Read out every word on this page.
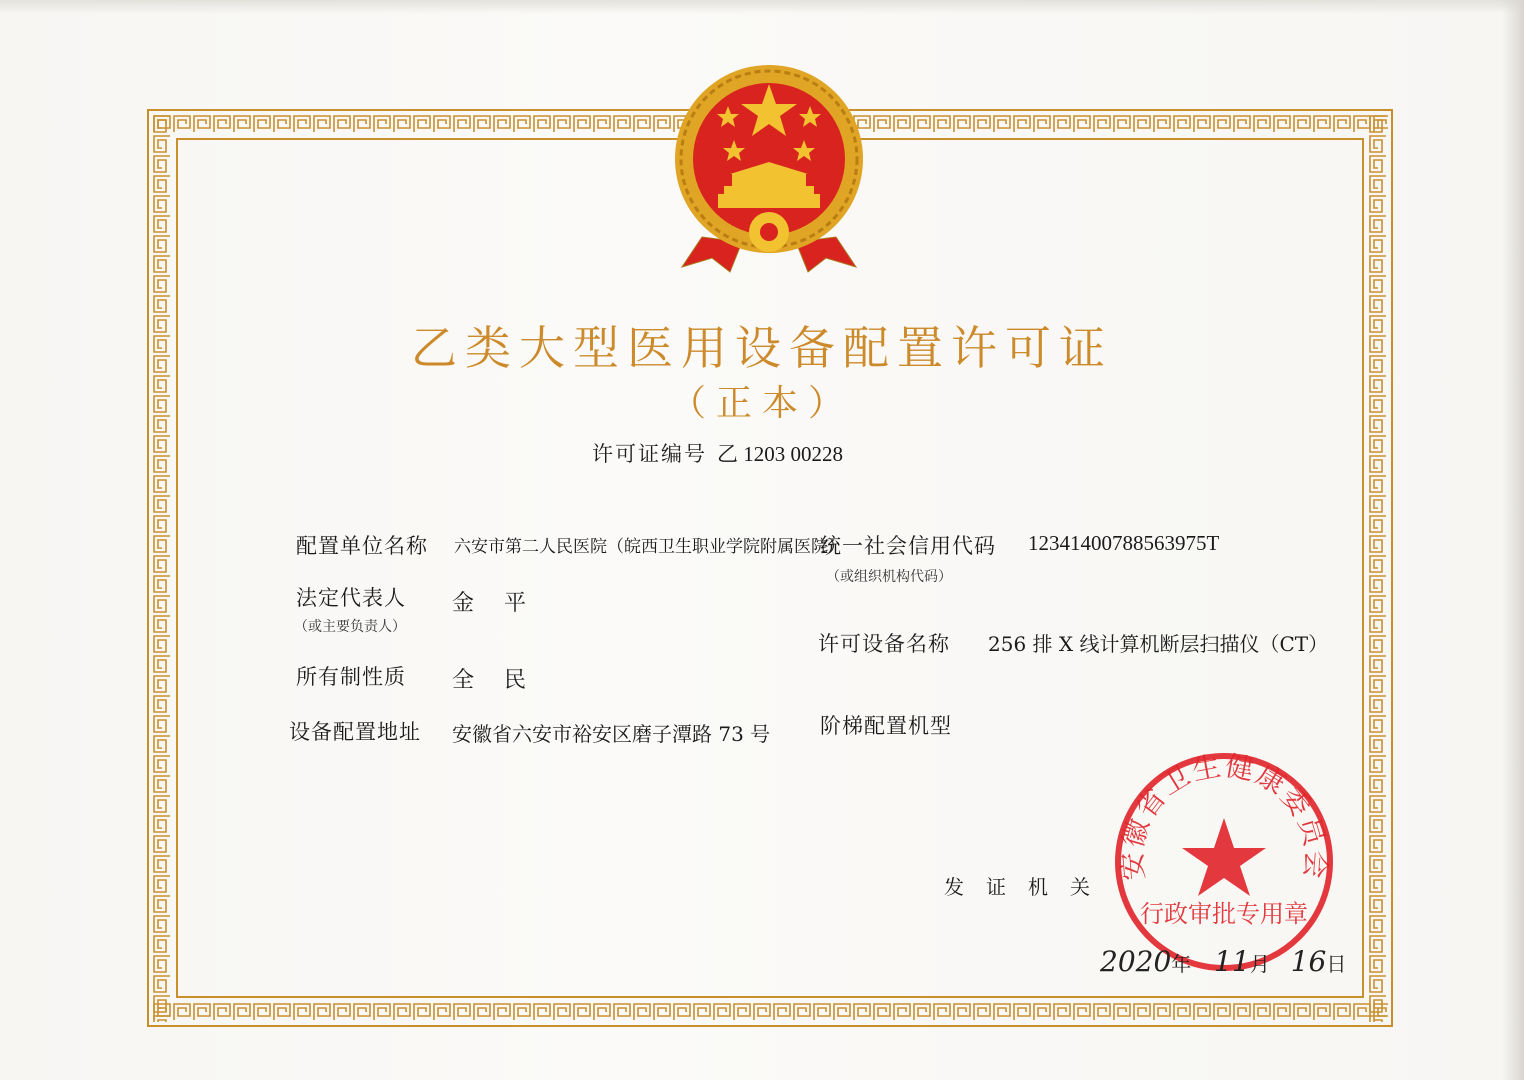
乙类大型医用设备配置许可证
（正本）
许可证编号 乙 1203 00228
配置单位名称 六安市第二人民医院（皖西卫生职业学院附属医院）
法定代表人
（或主要负责人）
金　平
所有制性质 全　民
设备配置地址 安徽省六安市裕安区磨子潭路 73 号
统一社会信用代码 12341400788563975T
（或组织机构代码）
许可设备名称 256 排 X 线计算机断层扫描仪（CT）
阶梯配置机型
发　证　机　关
安徽省卫生健康委员会
行政审批专用章
2020年 11月 16日
